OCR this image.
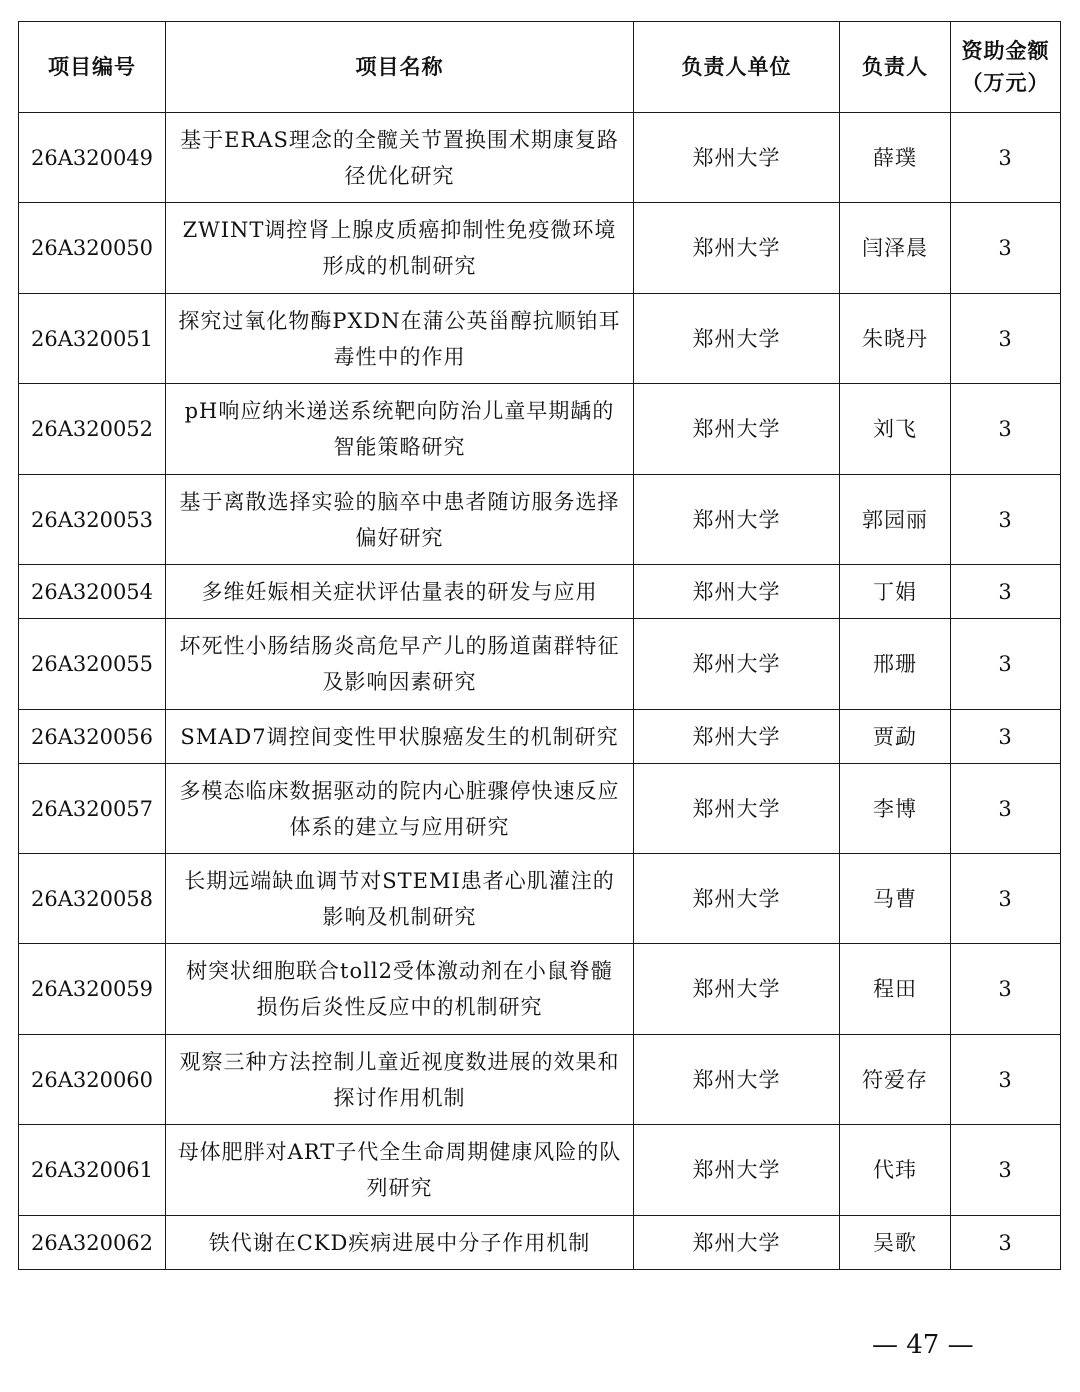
项目编号	项目名称	负责人单位	负责人	资助金额
（万元）

26A320049	基于ERAS理念的全髋关节置换围术期康复路径优化研究	郑州大学	薛璞	3
26A320050	ZWINT调控肾上腺皮质癌抑制性免疫微环境形成的机制研究	郑州大学	闫泽晨	3
26A320051	探究过氧化物酶PXDN在蒲公英甾醇抗顺铂耳毒性中的作用	郑州大学	朱晓丹	3
26A320052	pH响应纳米递送系统靶向防治儿童早期龋的智能策略研究	郑州大学	刘飞	3
26A320053	基于离散选择实验的脑卒中患者随访服务选择偏好研究	郑州大学	郭园丽	3
26A320054	多维妊娠相关症状评估量表的研发与应用	郑州大学	丁娟	3
26A320055	坏死性小肠结肠炎高危早产儿的肠道菌群特征及影响因素研究	郑州大学	邢珊	3
26A320056	SMAD7调控间变性甲状腺癌发生的机制研究	郑州大学	贾勐	3
26A320057	多模态临床数据驱动的院内心脏骤停快速反应体系的建立与应用研究	郑州大学	李博	3
26A320058	长期远端缺血调节对STEMI患者心肌灌注的影响及机制研究	郑州大学	马曹	3
26A320059	树突状细胞联合toll2受体激动剂在小鼠脊髓损伤后炎性反应中的机制研究	郑州大学	程田	3
26A320060	观察三种方法控制儿童近视度数进展的效果和探讨作用机制	郑州大学	符爱存	3
26A320061	母体肥胖对ART子代全生命周期健康风险的队列研究	郑州大学	代玮	3
26A320062	铁代谢在CKD疾病进展中分子作用机制	郑州大学	吴歌	3
— 47 —
